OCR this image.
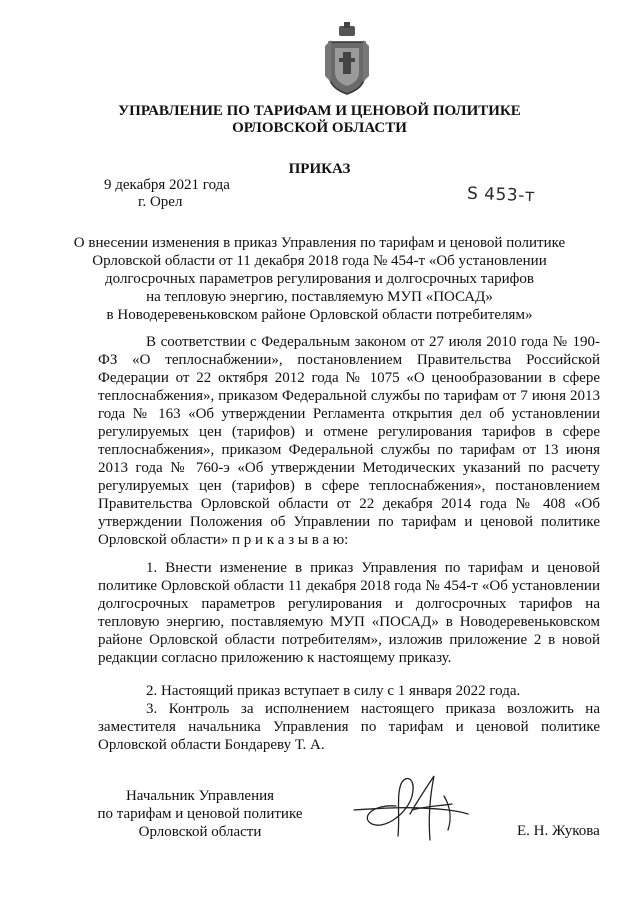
УПРАВЛЕНИЕ ПО ТАРИФАМ И ЦЕНОВОЙ ПОЛИТИКЕ
ОРЛОВСКОЙ ОБЛАСТИ
ПРИКАЗ
9 декабря 2021 года
г. Орел	S 453-т
О внесении изменения в приказ Управления по тарифам и ценовой политике
Орловской области от 11 декабря 2018 года № 454-т «Об установлении
долгосрочных параметров регулирования и долгосрочных тарифов
на тепловую энергию, поставляемую МУП «ПОСАД»
в Новодеревеньковском районе Орловской области потребителям»
В соответствии с Федеральным законом от 27 июля 2010 года № 190-ФЗ «О теплоснабжении», постановлением Правительства Российской Федерации от 22 октября 2012 года № 1075 «О ценообразовании в сфере теплоснабжения», приказом Федеральной службы по тарифам от 7 июня 2013 года № 163 «Об утверждении Регламента открытия дел об установлении регулируемых цен (тарифов) и отмене регулирования тарифов в сфере теплоснабжения», приказом Федеральной службы по тарифам от 13 июня 2013 года № 760-э «Об утверждении Методических указаний по расчету регулируемых цен (тарифов) в сфере теплоснабжения», постановлением Правительства Орловской области от 22 декабря 2014 года № 408 «Об утверждении Положения об Управлении по тарифам и ценовой политике Орловской области» п р и к а з ы в а ю:
1. Внести изменение в приказ Управления по тарифам и ценовой политике Орловской области 11 декабря 2018 года № 454-т «Об установлении долгосрочных параметров регулирования и долгосрочных тарифов на тепловую энергию, поставляемую МУП «ПОСАД» в Новодеревеньковском районе Орловской области потребителям», изложив приложение 2 в новой редакции согласно приложению к настоящему приказу.
2. Настоящий приказ вступает в силу с 1 января 2022 года.
3. Контроль за исполнением настоящего приказа возложить на заместителя начальника Управления по тарифам и ценовой политике Орловской области Бондареву Т. А.
Начальник Управления
по тарифам и ценовой политике
Орловской области	Е. Н. Жукова
